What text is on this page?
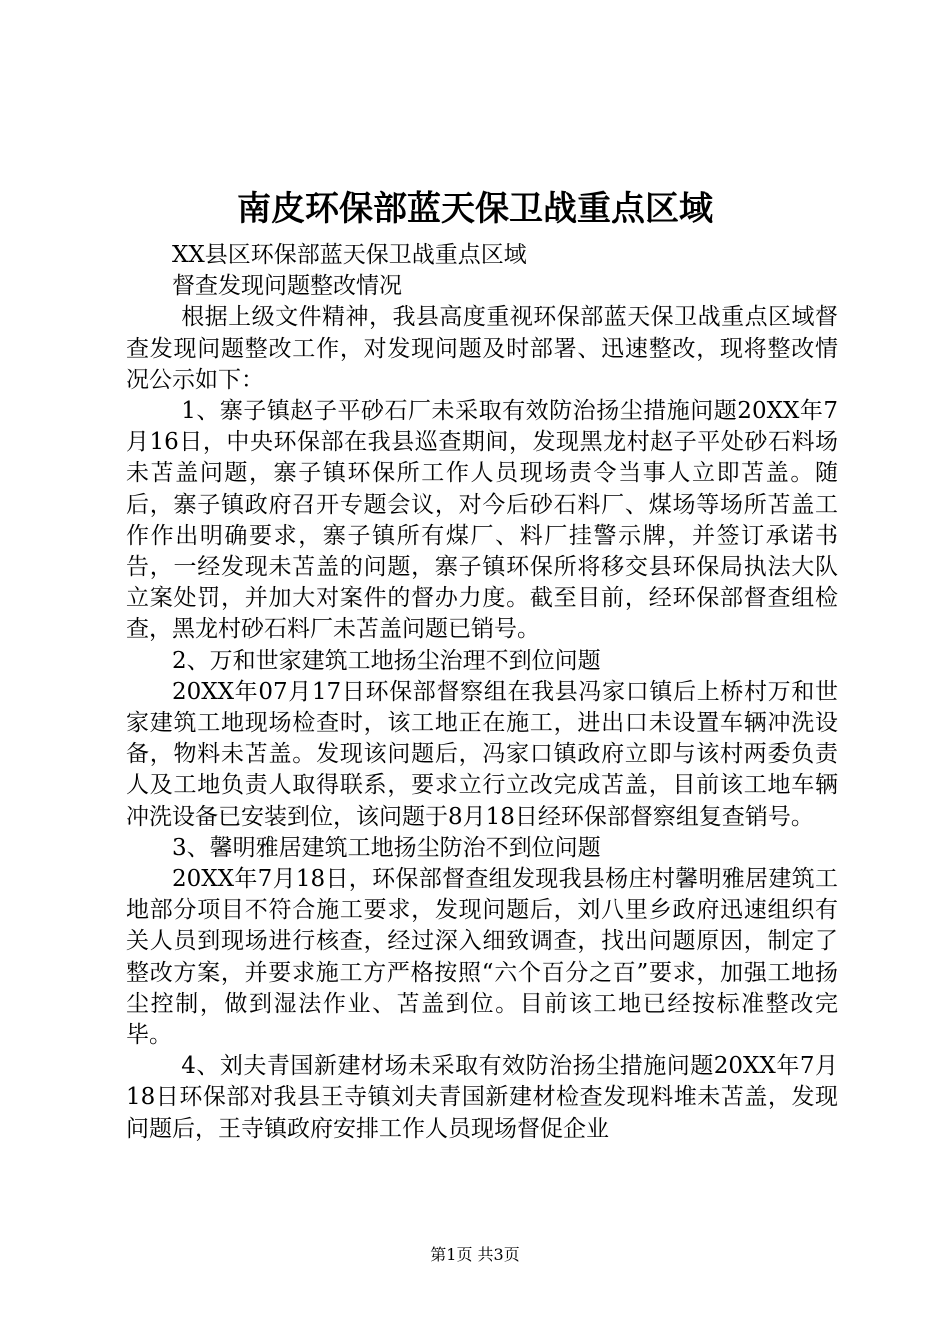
南皮环保部蓝天保卫战重点区域

XX县区环保部蓝天保卫战重点区域

督查发现问题整改情况

根据上级文件精神，我县高度重视环保部蓝天保卫战重点区域督查发现问题整改工作，对发现问题及时部署、迅速整改，现将整改情况公示如下：

1、寨子镇赵子平砂石厂未采取有效防治扬尘措施问题20XX年7月16日，中央环保部在我县巡查期间，发现黑龙村赵子平处砂石料场未苫盖问题，寨子镇环保所工作人员现场责令当事人立即苫盖。随后，寨子镇政府召开专题会议，对今后砂石料厂、煤场等场所苫盖工作作出明确要求，寨子镇所有煤厂、料厂挂警示牌，并签订承诺书告，一经发现未苫盖的问题，寨子镇环保所将移交县环保局执法大队立案处罚，并加大对案件的督办力度。截至目前，经环保部督查组检查，黑龙村砂石料厂未苫盖问题已销号。

2、万和世家建筑工地扬尘治理不到位问题

20XX年07月17日环保部督察组在我县冯家口镇后上桥村万和世家建筑工地现场检查时，该工地正在施工，进出口未设置车辆冲洗设备，物料未苫盖。发现该问题后，冯家口镇政府立即与该村两委负责人及工地负责人取得联系，要求立行立改完成苫盖，目前该工地车辆冲洗设备已安装到位，该问题于8月18日经环保部督察组复查销号。

3、馨明雅居建筑工地扬尘防治不到位问题

20XX年7月18日，环保部督查组发现我县杨庄村馨明雅居建筑工地部分项目不符合施工要求，发现问题后，刘八里乡政府迅速组织有关人员到现场进行核查，经过深入细致调查，找出问题原因，制定了整改方案，并要求施工方严格按照“六个百分之百”要求，加强工地扬尘控制，做到湿法作业、苫盖到位。目前该工地已经按标准整改完毕。

4、刘夫青国新建材场未采取有效防治扬尘措施问题20XX年7月18日环保部对我县王寺镇刘夫青国新建材检查发现料堆未苫盖，发现问题后，王寺镇政府安排工作人员现场督促企业

第1页 共3页
